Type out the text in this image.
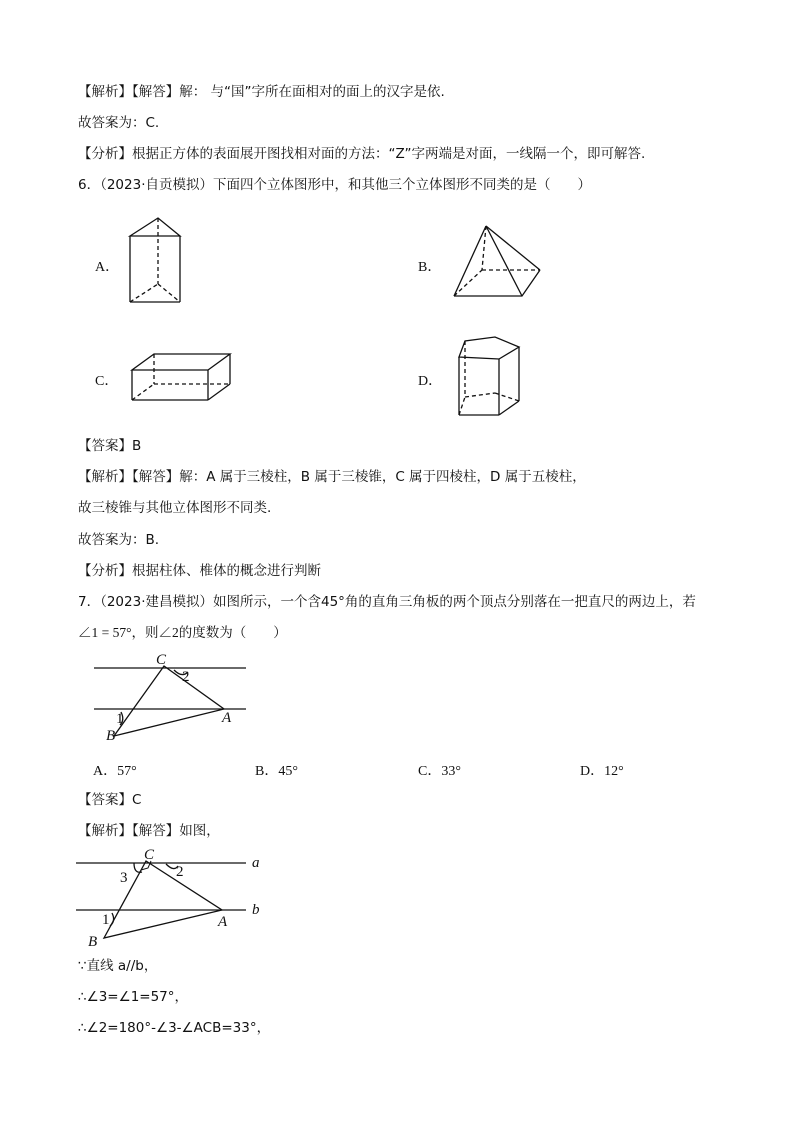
【解析】【解答】解： 与“国”字所在面相对的面上的汉字是依.
故答案为：C.
【分析】根据正方体的表面展开图找相对面的方法：“Z”字两端是对面，一线隔一个，即可解答.
6．（2023·自贡模拟）下面四个立体图形中，和其他三个立体图形不同类的是（　　）
A．	B．
C．	D．
【答案】B
【解析】【解答】解：A 属于三棱柱，B 属于三棱锥，C 属于四棱柱，D 属于五棱柱，
故三棱锥与其他立体图形不同类.
故答案为：B.
【分析】根据柱体、椎体的概念进行判断
7．（2023·建昌模拟）如图所示，一个含45°角的直角三角板的两个顶点分别落在一把直尺的两边上，若
∠1 = 57°，则∠2的度数为（　　）
C
2
1	A
B
A．57°	B．45°	C．33°	D．12°
【答案】C
【解析】【解答】如图，
C
3	2
a
1	A
b
B
∵直线 a//b，
∴∠3=∠1=57°，
∴∠2=180°-∠3-∠ACB=33°，
